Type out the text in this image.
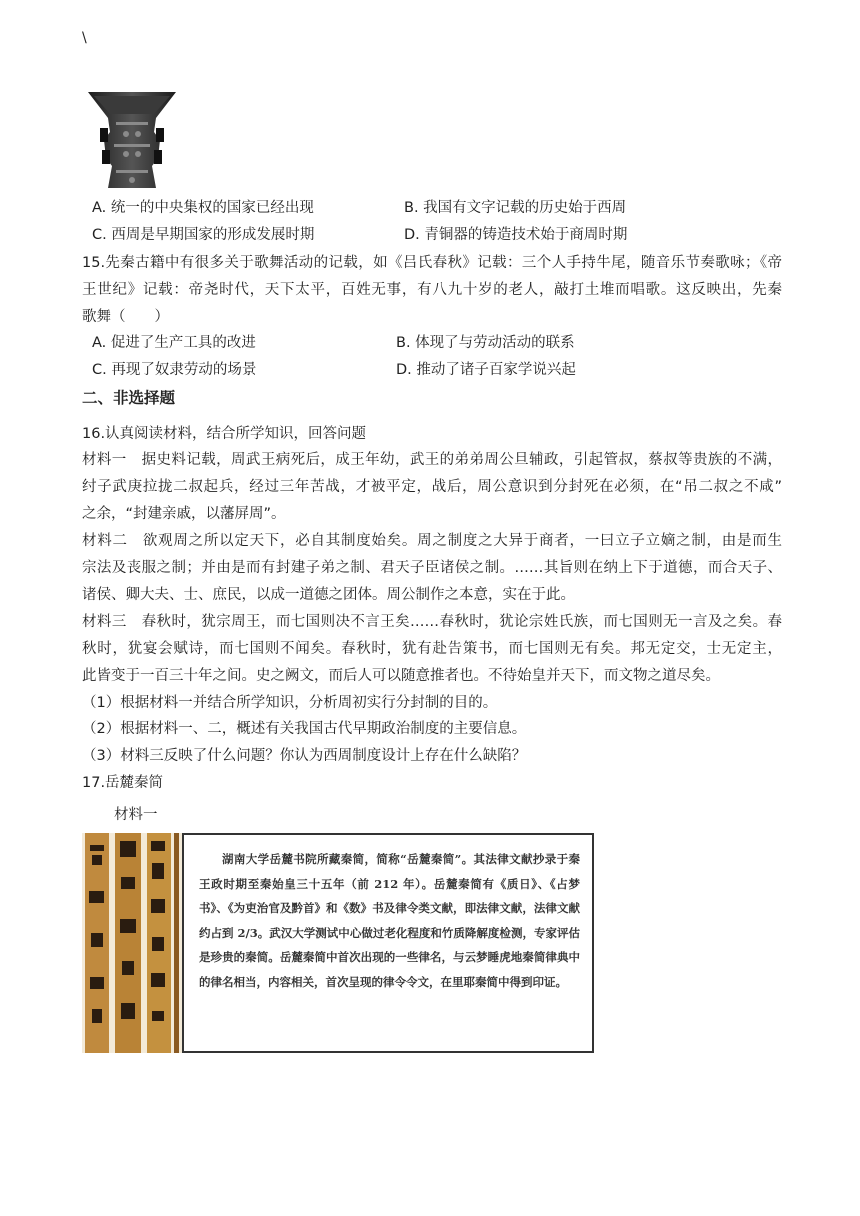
\
A. 统一的中央集权的国家已经出现	B. 我国有文字记载的历史始于西周
C. 西周是早期国家的形成发展时期	D. 青铜器的铸造技术始于商周时期
15.先秦古籍中有很多关于歌舞活动的记载，如《吕氏春秋》记载：三个人手持牛尾，随音乐节奏歌咏；《帝
王世纪》记载：帝尧时代，天下太平，百姓无事，有八九十岁的老人，敲打土堆而唱歌。这反映出，先秦
歌舞（　　）
A. 促进了生产工具的改进	B. 体现了与劳动活动的联系
C. 再现了奴隶劳动的场景	D. 推动了诸子百家学说兴起
二、非选择题
16.认真阅读材料，结合所学知识，回答问题
材料一　据史料记载，周武王病死后，成王年幼，武王的弟弟周公旦辅政，引起管叔，蔡叔等贵族的不满，
纣子武庚拉拢二叔起兵，经过三年苦战，才被平定，战后，周公意识到分封死在必须，在“吊二叔之不咸”
之余，“封建亲戚，以藩屏周”。
材料二　欲观周之所以定天下，必自其制度始矣。周之制度之大异于商者，一曰立子立嫡之制，由是而生
宗法及丧服之制；并由是而有封建子弟之制、君天子臣诸侯之制。……其旨则在纳上下于道德，而合天子、
诸侯、卿大夫、士、庶民，以成一道德之团体。周公制作之本意，实在于此。
材料三　春秋时，犹宗周王，而七国则决不言王矣……春秋时，犹论宗姓氏族，而七国则无一言及之矣。春
秋时，犹宴会赋诗，而七国则不闻矣。春秋时，犹有赴告策书，而七国则无有矣。邦无定交，士无定主，
此皆变于一百三十年之间。史之阙文，而后人可以随意推者也。不待始皇并天下，而文物之道尽矣。
（1）根据材料一并结合所学知识，分析周初实行分封制的目的。
（2）根据材料一、二，概述有关我国古代早期政治制度的主要信息。
（3）材料三反映了什么问题？你认为西周制度设计上存在什么缺陷？
17.岳麓秦简
材料一
湖南大学岳麓书院所藏秦简，简称“岳麓秦简”。其法律文献抄录于秦王政时期至秦始皇三十五年（前 212 年）。岳麓秦简有《质日》、《占梦书》、《为吏治官及黔首》和《数》书及律令类文献，即法律文献，法律文献约占到 2/3。武汉大学测试中心做过老化程度和竹质降解度检测，专家评估是珍贵的秦简。岳麓秦简中首次出现的一些律名，与云梦睡虎地秦简律典中的律名相当，内容相关，首次呈现的律令令文，在里耶秦简中得到印证。
